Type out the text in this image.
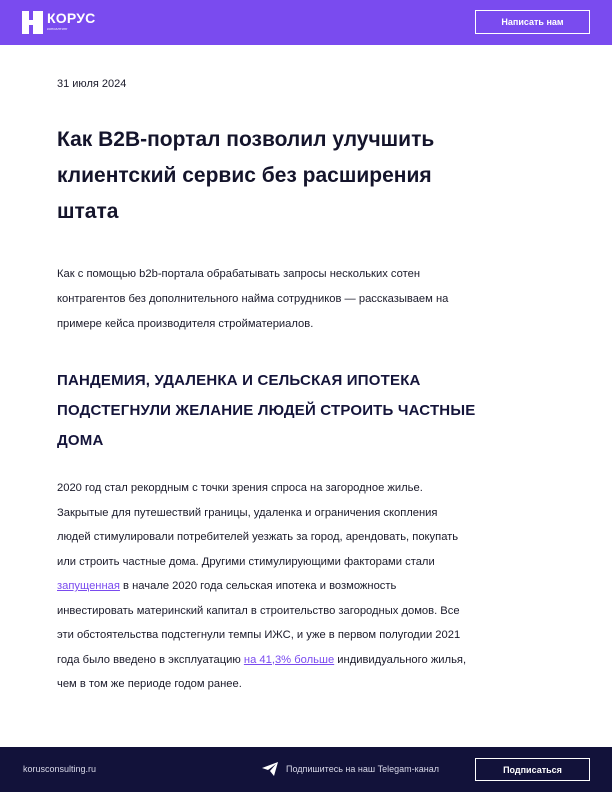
КОРУС
консалтинг
Написать нам
31 июля 2024
Как B2B-портал позволил улучшить
клиентский сервис без расширения
штата
Как с помощью b2b-портала обрабатывать запросы нескольких сотен
контрагентов без дополнительного найма сотрудников — рассказываем на
примере кейса производителя стройматериалов.
ПАНДЕМИЯ, УДАЛЕНКА И СЕЛЬСКАЯ ИПОТЕКА
ПОДСТЕГНУЛИ ЖЕЛАНИЕ ЛЮДЕЙ СТРОИТЬ ЧАСТНЫЕ
ДОМА
2020 год стал рекордным с точки зрения спроса на загородное жилье.
Закрытые для путешествий границы, удаленка и ограничения скопления
людей стимулировали потребителей уезжать за город, арендовать, покупать
или строить частные дома. Другими стимулирующими факторами стали
запущенная в начале 2020 года сельская ипотека и возможность
инвестировать материнский капитал в строительство загородных домов. Все
эти обстоятельства подстегнули темпы ИЖС, и уже в первом полугодии 2021
года было введено в эксплуатацию на 41,3% больше индивидуального жилья,
чем в том же периоде годом ранее.
korusconsulting.ru	Подпишитесь на наш Telegam-канал	Подписаться
